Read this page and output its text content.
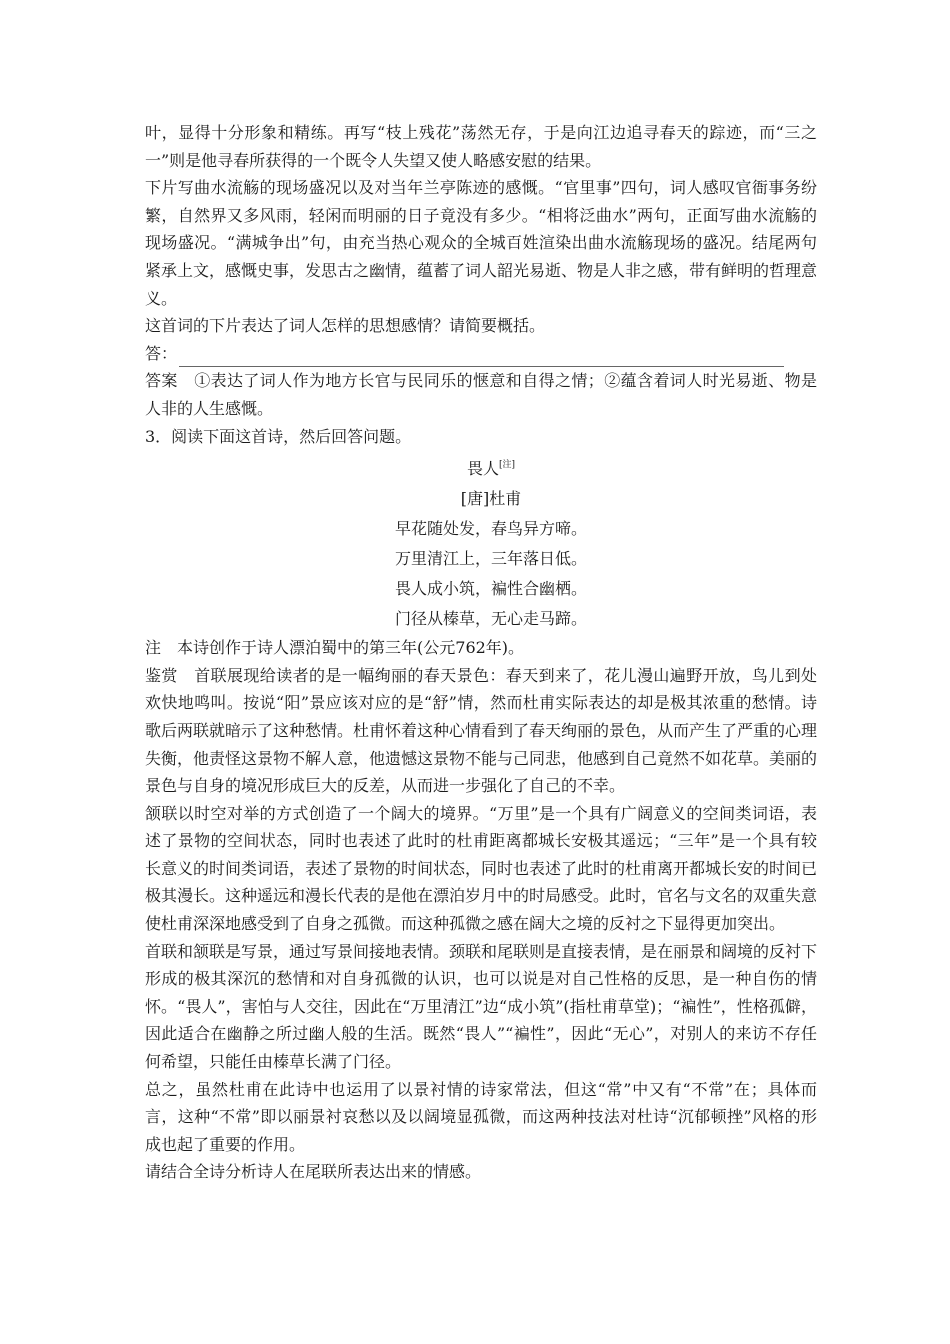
叶，显得十分形象和精练。再写“枝上残花”荡然无存，于是向江边追寻春天的踪迹，而“三之一”则是他寻春所获得的一个既令人失望又使人略感安慰的结果。

下片写曲水流觞的现场盛况以及对当年兰亭陈迹的感慨。“官里事”四句，词人感叹官衙事务纷繁，自然界又多风雨，轻闲而明丽的日子竟没有多少。“相将泛曲水”两句，正面写曲水流觞的现场盛况。“满城争出”句，由充当热心观众的全城百姓渲染出曲水流觞现场的盛况。结尾两句紧承上文，感慨史事，发思古之幽情，蕴蓄了词人韶光易逝、物是人非之感，带有鲜明的哲理意义。

这首词的下片表达了词人怎样的思想感情？请简要概括。

答：

答案 ①表达了词人作为地方长官与民同乐的惬意和自得之情；②蕴含着词人时光易逝、物是人非的人生感慨。

3．阅读下面这首诗，然后回答问题。

畏人[注]

[唐]杜甫

早花随处发，春鸟异方啼。

万里清江上，三年落日低。

畏人成小筑，褊性合幽栖。

门径从榛草，无心走马蹄。

注 本诗创作于诗人漂泊蜀中的第三年(公元762年)。

鉴赏 首联展现给读者的是一幅绚丽的春天景色：春天到来了，花儿漫山遍野开放，鸟儿到处欢快地鸣叫。按说“阳”景应该对应的是“舒”情，然而杜甫实际表达的却是极其浓重的愁情。诗歌后两联就暗示了这种愁情。杜甫怀着这种心情看到了春天绚丽的景色，从而产生了严重的心理失衡，他责怪这景物不解人意，他遗憾这景物不能与己同悲，他感到自己竟然不如花草。美丽的景色与自身的境况形成巨大的反差，从而进一步强化了自己的不幸。

颔联以时空对举的方式创造了一个阔大的境界。“万里”是一个具有广阔意义的空间类词语，表述了景物的空间状态，同时也表述了此时的杜甫距离都城长安极其遥远；“三年”是一个具有较长意义的时间类词语，表述了景物的时间状态，同时也表述了此时的杜甫离开都城长安的时间已极其漫长。这种遥远和漫长代表的是他在漂泊岁月中的时局感受。此时，官名与文名的双重失意使杜甫深深地感受到了自身之孤微。而这种孤微之感在阔大之境的反衬之下显得更加突出。

首联和颔联是写景，通过写景间接地表情。颈联和尾联则是直接表情，是在丽景和阔境的反衬下形成的极其深沉的愁情和对自身孤微的认识，也可以说是对自己性格的反思，是一种自伤的情怀。“畏人”，害怕与人交往，因此在“万里清江”边“成小筑”(指杜甫草堂)；“褊性”，性格孤僻，因此适合在幽静之所过幽人般的生活。既然“畏人”“褊性”，因此“无心”，对别人的来访不存任何希望，只能任由榛草长满了门径。

总之，虽然杜甫在此诗中也运用了以景衬情的诗家常法，但这“常”中又有“不常”在；具体而言，这种“不常”即以丽景衬哀愁以及以阔境显孤微，而这两种技法对杜诗“沉郁顿挫”风格的形成也起了重要的作用。

请结合全诗分析诗人在尾联所表达出来的情感。
